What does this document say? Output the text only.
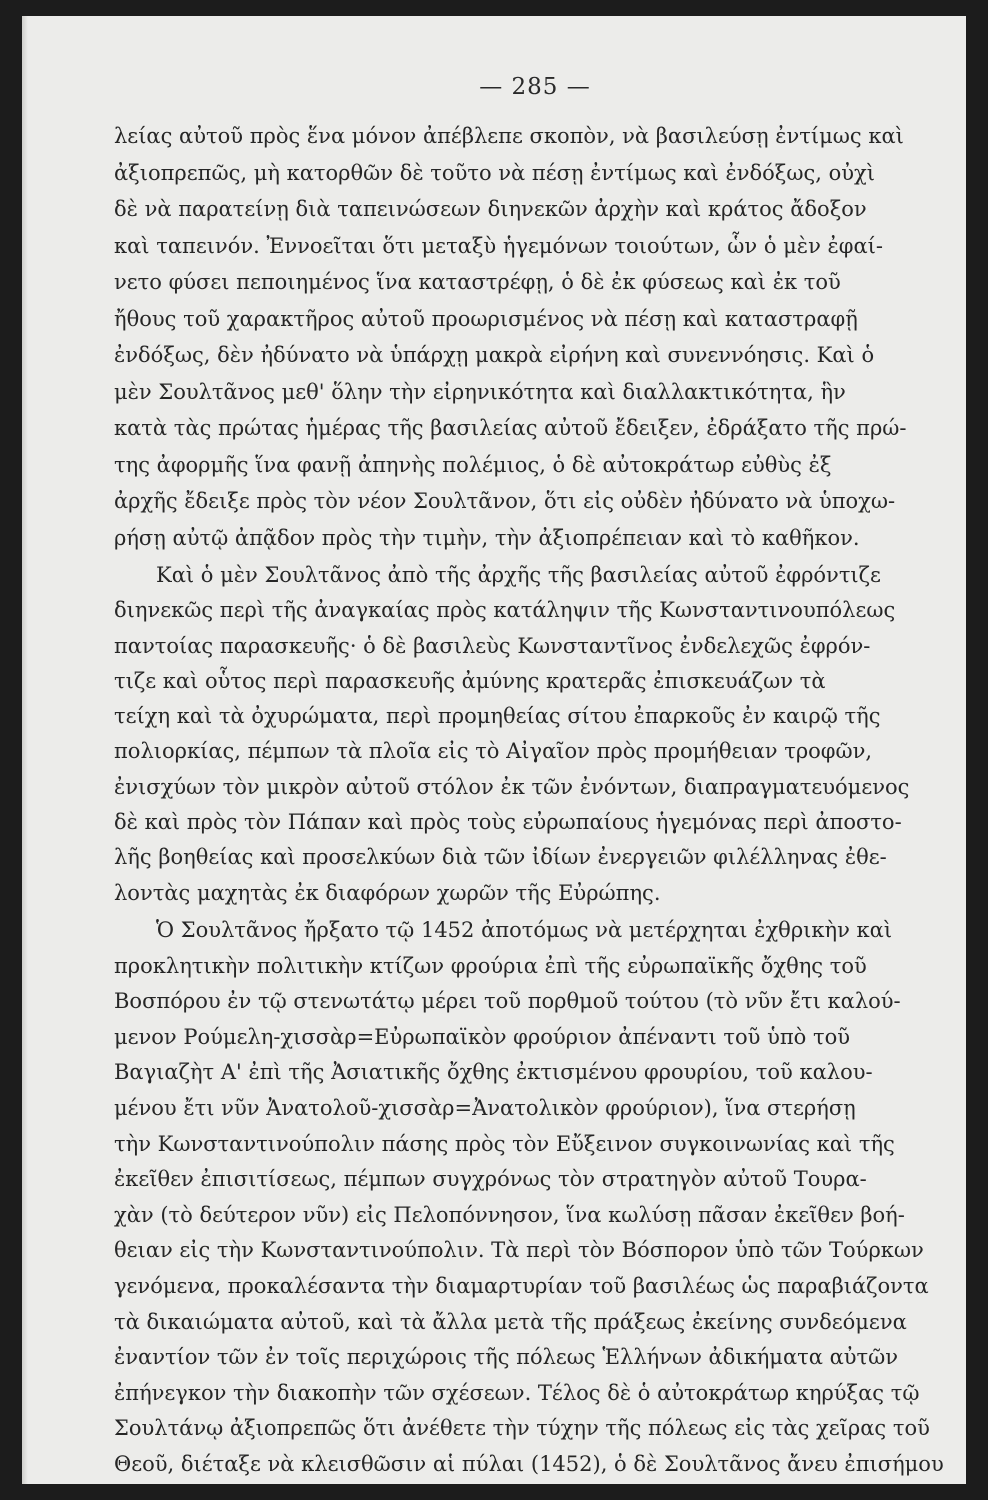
— 285 —

λείας αὐτοῦ πρὸς ἕνα μόνον ἀπέβλεπε σκοπὸν, νὰ βασιλεύσῃ ἐντίμως καὶ
ἀξιοπρεπῶς, μὴ κατορθῶν δὲ τοῦτο νὰ πέσῃ ἐντίμως καὶ ἐνδόξως, οὐχὶ
δὲ νὰ παρατείνῃ διὰ ταπεινώσεων διηνεκῶν ἀρχὴν καὶ κράτος ἄδοξον
καὶ ταπεινόν. Ἐννοεῖται ὅτι μεταξὺ ἡγεμόνων τοιούτων, ὧν ὁ μὲν ἐφαί-
νετο φύσει πεποιημένος ἵνα καταστρέφῃ, ὁ δὲ ἐκ φύσεως καὶ ἐκ τοῦ
ἤθους τοῦ χαρακτῆρος αὐτοῦ προωρισμένος νὰ πέσῃ καὶ καταστραφῇ
ἐνδόξως, δὲν ἠδύνατο νὰ ὑπάρχῃ μακρὰ εἰρήνη καὶ συνεννόησις. Καὶ ὁ
μὲν Σουλτᾶνος μεθ' ὅλην τὴν εἰρηνικότητα καὶ διαλλακτικότητα, ἣν
κατὰ τὰς πρώτας ἡμέρας τῆς βασιλείας αὐτοῦ ἔδειξεν, ἐδράξατο τῆς πρώ-
της ἀφορμῆς ἵνα φανῇ ἀπηνὴς πολέμιος, ὁ δὲ αὐτοκράτωρ εὐθὺς ἐξ
ἀρχῆς ἔδειξε πρὸς τὸν νέον Σουλτᾶνον, ὅτι εἰς οὐδὲν ἠδύνατο νὰ ὑποχω-
ρήσῃ αὐτῷ ἀπᾷδον πρὸς τὴν τιμὴν, τὴν ἀξιοπρέπειαν καὶ τὸ καθῆκον.

Καὶ ὁ μὲν Σουλτᾶνος ἀπὸ τῆς ἀρχῆς τῆς βασιλείας αὐτοῦ ἐφρόντιζε
διηνεκῶς περὶ τῆς ἀναγκαίας πρὸς κατάληψιν τῆς Κωνσταντινουπόλεως
παντοίας παρασκευῆς· ὁ δὲ βασιλεὺς Κωνσταντῖνος ἐνδελεχῶς ἐφρόν-
τιζε καὶ οὗτος περὶ παρασκευῆς ἀμύνης κρατερᾶς ἐπισκευάζων τὰ
τείχη καὶ τὰ ὀχυρώματα, περὶ προμηθείας σίτου ἐπαρκοῦς ἐν καιρῷ τῆς
πολιορκίας, πέμπων τὰ πλοῖα εἰς τὸ Αἰγαῖον πρὸς προμήθειαν τροφῶν,
ἐνισχύων τὸν μικρὸν αὐτοῦ στόλον ἐκ τῶν ἐνόντων, διαπραγματευόμενος
δὲ καὶ πρὸς τὸν Πάπαν καὶ πρὸς τοὺς εὐρωπαίους ἡγεμόνας περὶ ἀποστο-
λῆς βοηθείας καὶ προσελκύων διὰ τῶν ἰδίων ἐνεργειῶν φιλέλληνας ἐθε-
λοντὰς μαχητὰς ἐκ διαφόρων χωρῶν τῆς Εὐρώπης.

Ὁ Σουλτᾶνος ἤρξατο τῷ 1452 ἀποτόμως νὰ μετέρχηται ἐχθρικὴν καὶ
προκλητικὴν πολιτικὴν κτίζων φρούρια ἐπὶ τῆς εὐρωπαϊκῆς ὄχθης τοῦ
Βοσπόρου ἐν τῷ στενωτάτῳ μέρει τοῦ πορθμοῦ τούτου (τὸ νῦν ἔτι καλού-
μενον Ρούμελη-χισσὰρ=Εὐρωπαϊκὸν φρούριον ἀπέναντι τοῦ ὑπὸ τοῦ
Βαγιαζὴτ Α' ἐπὶ τῆς Ἀσιατικῆς ὄχθης ἐκτισμένου φρουρίου, τοῦ καλου-
μένου ἔτι νῦν Ἀνατολοῦ-χισσὰρ=Ἀνατολικὸν φρούριον), ἵνα στερήσῃ
τὴν Κωνσταντινούπολιν πάσης πρὸς τὸν Εὔξεινον συγκοινωνίας καὶ τῆς
ἐκεῖθεν ἐπισιτίσεως, πέμπων συγχρόνως τὸν στρατηγὸν αὐτοῦ Τουρα-
χὰν (τὸ δεύτερον νῦν) εἰς Πελοπόννησον, ἵνα κωλύσῃ πᾶσαν ἐκεῖθεν βοή-
θειαν εἰς τὴν Κωνσταντινούπολιν. Τὰ περὶ τὸν Βόσπορον ὑπὸ τῶν Τούρκων
γενόμενα, προκαλέσαντα τὴν διαμαρτυρίαν τοῦ βασιλέως ὡς παραβιάζοντα
τὰ δικαιώματα αὐτοῦ, καὶ τὰ ἄλλα μετὰ τῆς πράξεως ἐκείνης συνδεόμενα
ἐναντίον τῶν ἐν τοῖς περιχώροις τῆς πόλεως Ἑλλήνων ἀδικήματα αὐτῶν
ἐπήνεγκον τὴν διακοπὴν τῶν σχέσεων. Τέλος δὲ ὁ αὐτοκράτωρ κηρύξας τῷ
Σουλτάνῳ ἀξιοπρεπῶς ὅτι ἀνέθετε τὴν τύχην τῆς πόλεως εἰς τὰς χεῖρας τοῦ
Θεοῦ, διέταξε νὰ κλεισθῶσιν αἱ πύλαι (1452), ὁ δὲ Σουλτᾶνος ἄνευ ἐπισήμου
